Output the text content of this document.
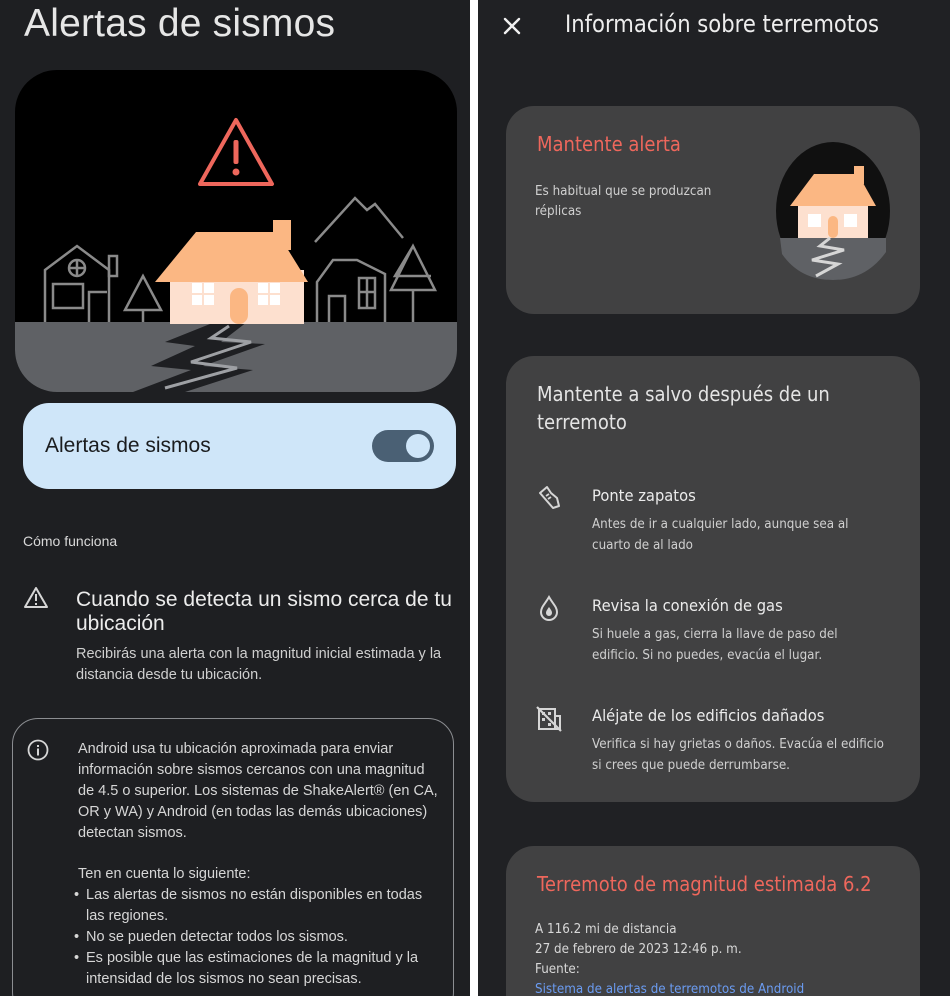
Alertas de sismos
Alertas de sismos
Cómo funciona
Cuando se detecta un sismo cerca de tu ubicación
Recibirás una alerta con la magnitud inicial estimada y la distancia desde tu ubicación.

Android usa tu ubicación aproximada para enviar información sobre sismos cercanos con una magnitud de 4.5 o superior. Los sistemas de ShakeAlert® (en CA, OR y WA) y Android (en todas las demás ubicaciones) detectan sismos.

Ten en cuenta lo siguiente:

• Las alertas de sismos no están disponibles en todas las regiones.
• No se pueden detectar todos los sismos.
• Es posible que las estimaciones de la magnitud y la intensidad de los sismos no sean precisas.
Información sobre terremotos
Mantente alerta
Es habitual que se produzcan réplicas
Mantente a salvo después de un terremoto
Ponte zapatos
Antes de ir a cualquier lado, aunque sea al cuarto de al lado
Revisa la conexión de gas
Si huele a gas, cierra la llave de paso del edificio. Si no puedes, evacúa el lugar.
Aléjate de los edificios dañados
Verifica si hay grietas o daños. Evacúa el edificio si crees que puede derrumbarse.
Terremoto de magnitud estimada 6.2
A 116.2 mi de distancia
27 de febrero de 2023 12:46 p. m.
Fuente:
Sistema de alertas de terremotos de Android
